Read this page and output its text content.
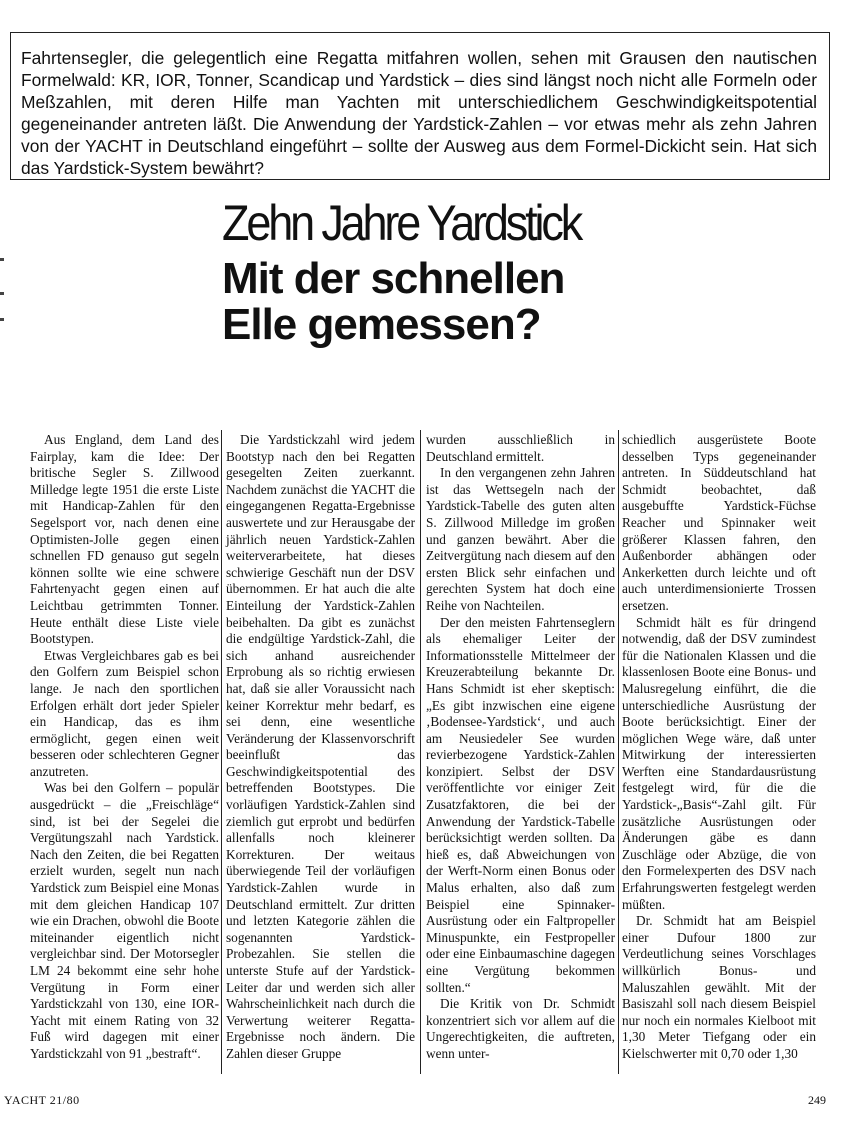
Fahrtensegler, die gelegentlich eine Regatta mitfahren wollen, sehen mit Grausen den nautischen Formelwald: KR, IOR, Tonner, Scandicap und Yardstick – dies sind längst noch nicht alle Formeln oder Meßzahlen, mit deren Hilfe man Yachten mit unterschiedlichem Geschwindigkeitspotential gegeneinander antreten läßt. Die Anwendung der Yardstick-Zahlen – vor etwas mehr als zehn Jahren von der YACHT in Deutschland eingeführt – sollte der Ausweg aus dem Formel-Dickicht sein. Hat sich das Yardstick-System bewährt?
Zehn Jahre Yardstick
Mit der schnellen
Elle gemessen?

Aus England, dem Land des Fairplay, kam die Idee: Der britische Segler S. Zillwood Milledge legte 1951 die erste Liste mit Handicap-Zahlen für den Segelsport vor, nach denen eine Optimisten-Jolle gegen einen schnellen FD genauso gut segeln können sollte wie eine schwere Fahrtenyacht gegen einen auf Leichtbau getrimmten Tonner. Heute enthält diese Liste viele Bootstypen.

Etwas Vergleichbares gab es bei den Golfern zum Beispiel schon lange. Je nach den sportlichen Erfolgen erhält dort jeder Spieler ein Handicap, das es ihm ermöglicht, gegen einen weit besseren oder schlechteren Gegner anzutreten.

Was bei den Golfern – populär ausgedrückt – die „Freischläge“ sind, ist bei der Segelei die Vergütungszahl nach Yardstick. Nach den Zeiten, die bei Regatten erzielt wurden, segelt nun nach Yardstick zum Beispiel eine Monas mit dem gleichen Handicap 107 wie ein Drachen, obwohl die Boote miteinander eigentlich nicht vergleichbar sind. Der Motorsegler LM 24 bekommt eine sehr hohe Vergütung in Form einer Yardstickzahl von 130, eine IOR-Yacht mit einem Rating von 32 Fuß wird dagegen mit einer Yardstickzahl von 91 „bestraft“.

Die Yardstickzahl wird jedem Bootstyp nach den bei Regatten gesegelten Zeiten zuerkannt. Nachdem zunächst die YACHT die eingegangenen Regatta-Ergebnisse auswertete und zur Herausgabe der jährlich neuen Yardstick-Zahlen weiterverarbeitete, hat dieses schwierige Geschäft nun der DSV übernommen. Er hat auch die alte Einteilung der Yardstick-Zahlen beibehalten. Da gibt es zunächst die endgültige Yardstick-Zahl, die sich anhand ausreichender Erprobung als so richtig erwiesen hat, daß sie aller Voraussicht nach keiner Korrektur mehr bedarf, es sei denn, eine wesentliche Veränderung der Klassenvorschrift beeinflußt das Geschwindigkeitspotential des betreffenden Bootstypes. Die vorläufigen Yardstick-Zahlen sind ziemlich gut erprobt und bedürfen allenfalls noch kleinerer Korrekturen. Der weitaus überwiegende Teil der vorläufigen Yardstick-Zahlen wurde in Deutschland ermittelt. Zur dritten und letzten Kategorie zählen die sogenannten Yardstick-Probezahlen. Sie stellen die unterste Stufe auf der Yardstick-Leiter dar und werden sich aller Wahrscheinlichkeit nach durch die Verwertung weiterer Regatta-Ergebnisse noch ändern. Die Zahlen dieser Gruppe

wurden ausschließlich in Deutschland ermittelt.

In den vergangenen zehn Jahren ist das Wettsegeln nach der Yardstick-Tabelle des guten alten S. Zillwood Milledge im großen und ganzen bewährt. Aber die Zeitvergütung nach diesem auf den ersten Blick sehr einfachen und gerechten System hat doch eine Reihe von Nachteilen.

Der den meisten Fahrtenseglern als ehemaliger Leiter der Informationsstelle Mittelmeer der Kreuzerabteilung bekannte Dr. Hans Schmidt ist eher skeptisch: „Es gibt inzwischen eine eigene ‚Bodensee-Yardstick‘, und auch am Neusiedeler See wurden revierbezogene Yardstick-Zahlen konzipiert. Selbst der DSV veröffentlichte vor einiger Zeit Zusatzfaktoren, die bei der Anwendung der Yardstick-Tabelle berücksichtigt werden sollten. Da hieß es, daß Abweichungen von der Werft-Norm einen Bonus oder Malus erhalten, also daß zum Beispiel eine Spinnaker-Ausrüstung oder ein Faltpropeller Minuspunkte, ein Festpropeller oder eine Einbaumaschine dagegen eine Vergütung bekommen sollten.“

Die Kritik von Dr. Schmidt konzentriert sich vor allem auf die Ungerechtigkeiten, die auftreten, wenn unter-

schiedlich ausgerüstete Boote desselben Typs gegeneinander antreten. In Süddeutschland hat Schmidt beobachtet, daß ausgebuffte Yardstick-Füchse Reacher und Spinnaker weit größerer Klassen fahren, den Außenborder abhängen oder Ankerketten durch leichte und oft auch unterdimensionierte Trossen ersetzen.

Schmidt hält es für dringend notwendig, daß der DSV zumindest für die Nationalen Klassen und die klassenlosen Boote eine Bonus- und Malusregelung einführt, die die unterschiedliche Ausrüstung der Boote berücksichtigt. Einer der möglichen Wege wäre, daß unter Mitwirkung der interessierten Werften eine Standardausrüstung festgelegt wird, für die die Yardstick-„Basis“-Zahl gilt. Für zusätzliche Ausrüstungen oder Änderungen gäbe es dann Zuschläge oder Abzüge, die von den Formelexperten des DSV nach Erfahrungswerten festgelegt werden müßten.

Dr. Schmidt hat am Beispiel einer Dufour 1800 zur Verdeutlichung seines Vorschlages willkürlich Bonus- und Maluszahlen gewählt. Mit der Basiszahl soll nach diesem Beispiel nur noch ein normales Kielboot mit 1,30 Meter Tiefgang oder ein Kielschwerter mit 0,70 oder 1,30

YACHT 21/80	249
